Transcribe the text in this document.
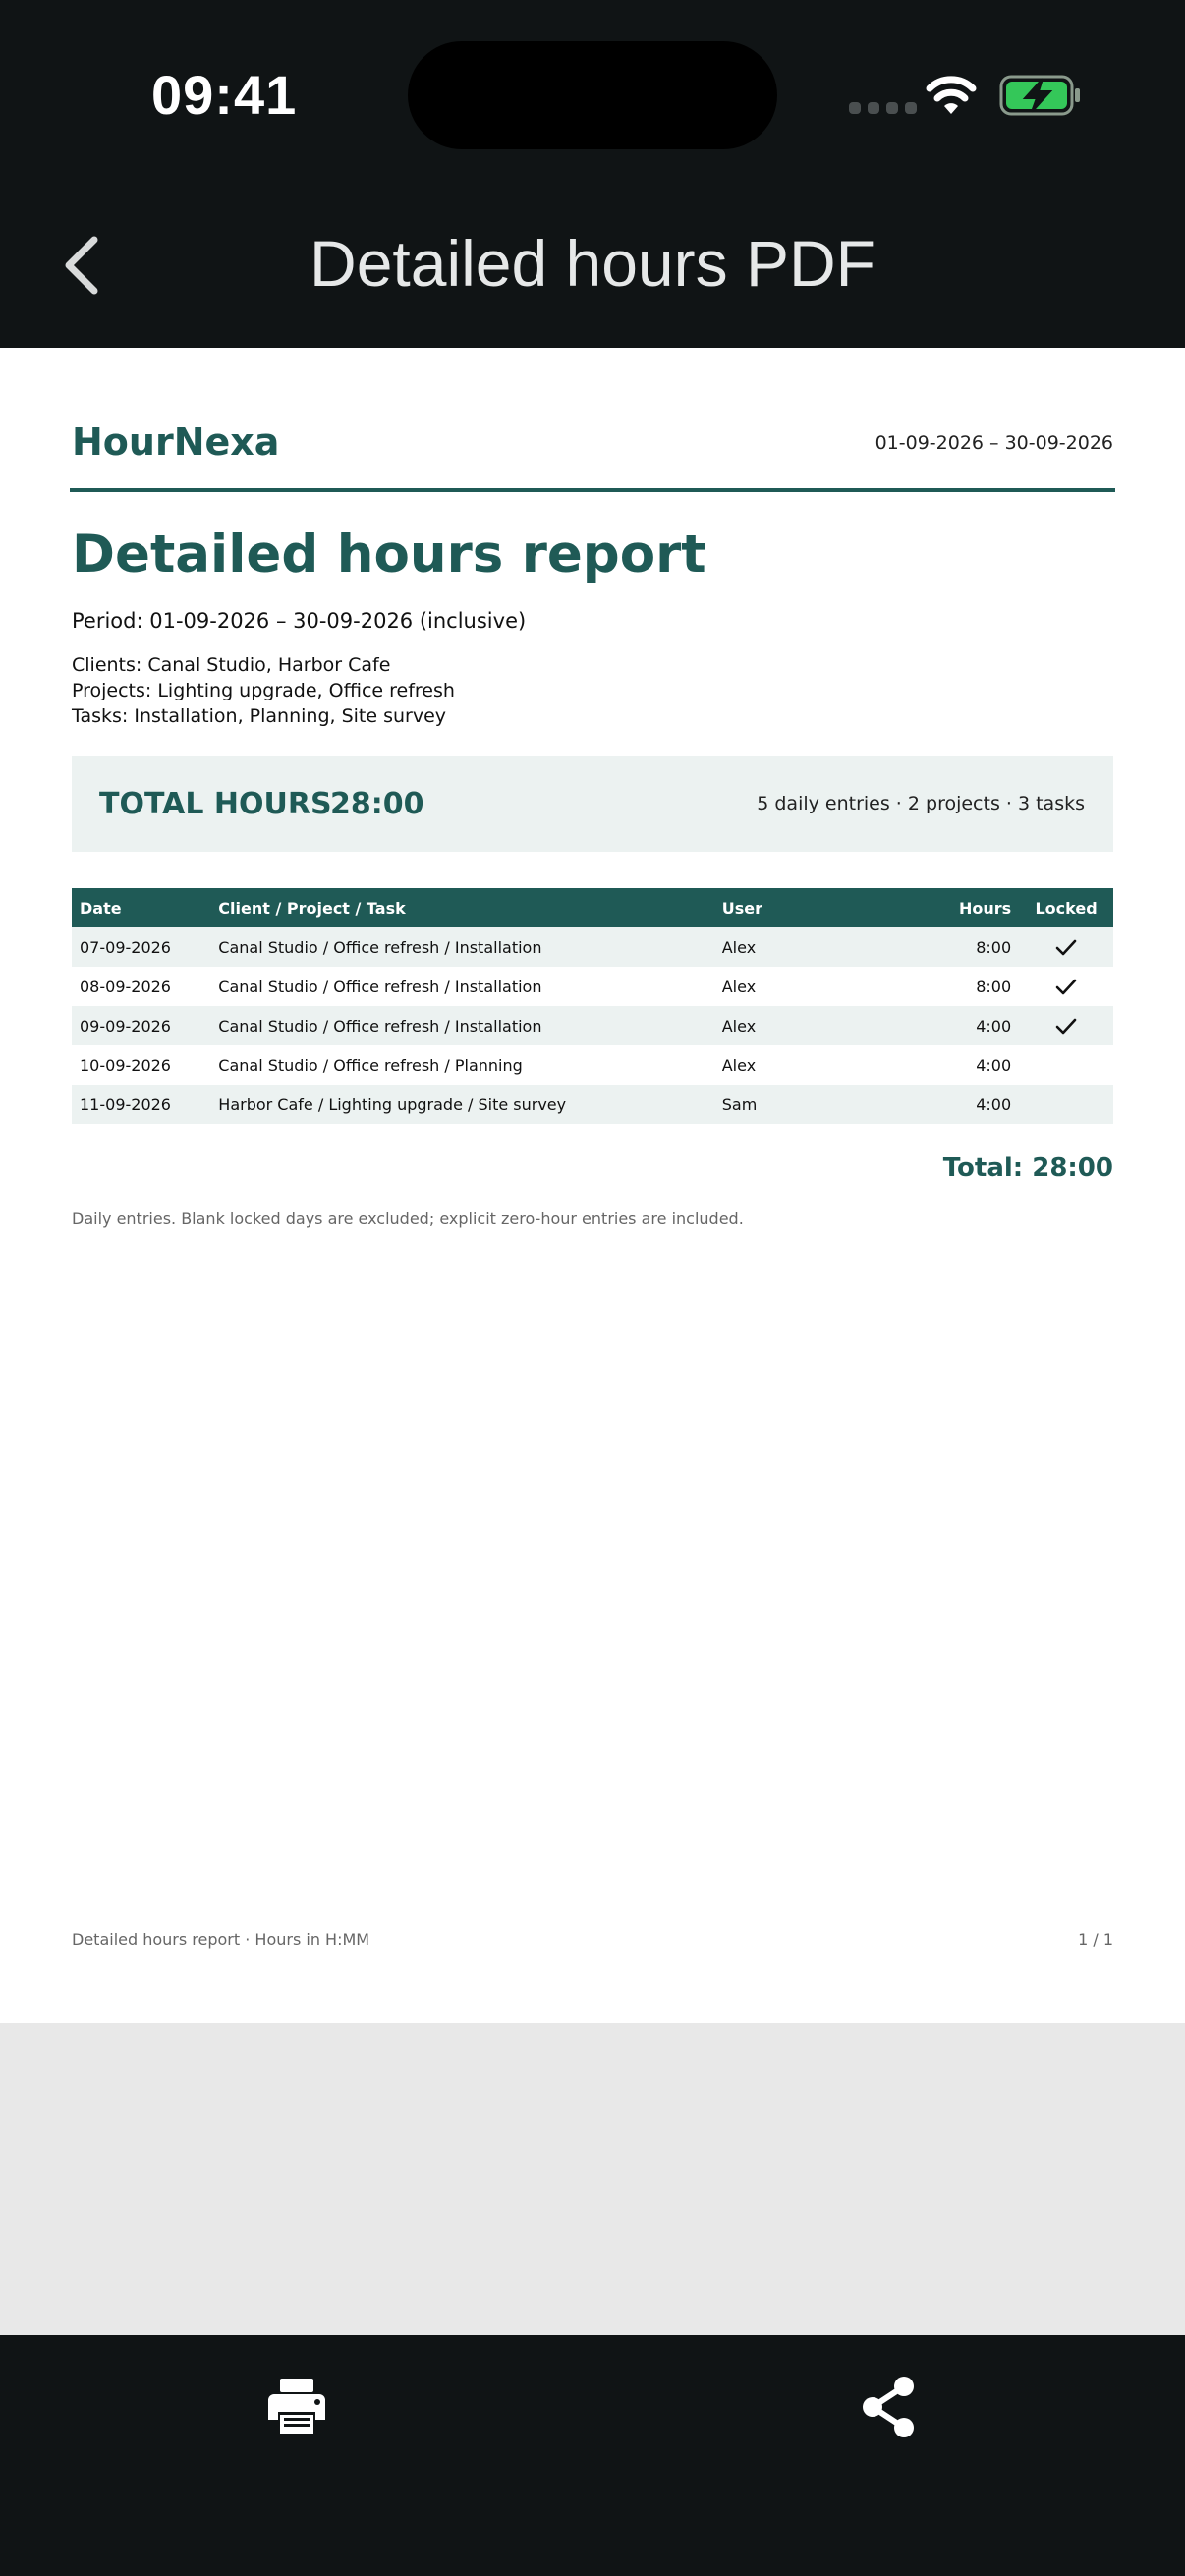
09:41
Detailed hours PDF
HourNexa	01-09-2026 – 30-09-2026
Detailed hours report
Period: 01-09-2026 – 30-09-2026 (inclusive)
Clients: Canal Studio, Harbor Cafe
Projects: Lighting upgrade, Office refresh
Tasks: Installation, Planning, Site survey
TOTAL HOURS
28:00	5 daily entries · 2 projects · 3 tasks
Date	Client / Project / Task	User	Hours	Locked
07-09-2026	Canal Studio / Office refresh / Installation	Alex	8:00	
08-09-2026	Canal Studio / Office refresh / Installation	Alex	8:00	
09-09-2026	Canal Studio / Office refresh / Installation	Alex	4:00	
10-09-2026	Canal Studio / Office refresh / Planning	Alex	4:00	
11-09-2026	Harbor Cafe / Lighting upgrade / Site survey	Sam	4:00	
Total: 28:00
Daily entries. Blank locked days are excluded; explicit zero-hour entries are included.
Detailed hours report · Hours in H:MM	1 / 1
